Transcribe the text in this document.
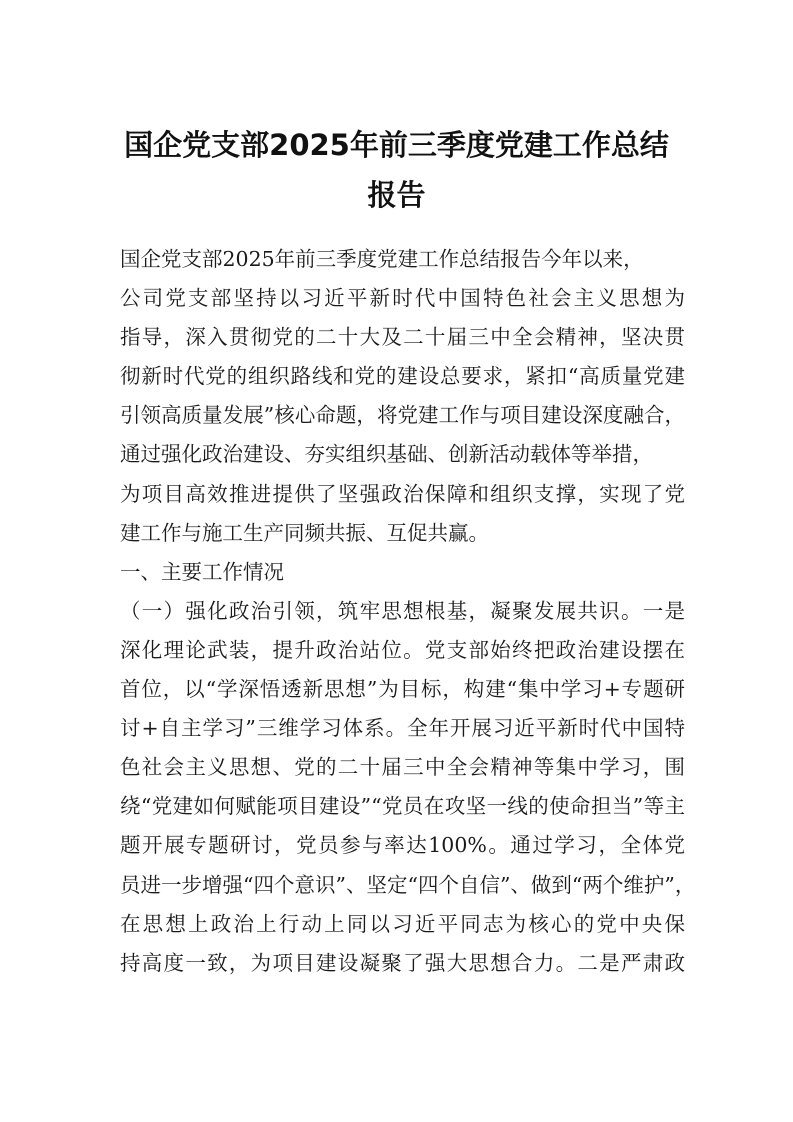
国企党支部2025年前三季度党建工作总结
报告
国企党支部2025年前三季度党建工作总结报告今年以来，
公司党支部坚持以习近平新时代中国特色社会主义思想为
指导，深入贯彻党的二十大及二十届三中全会精神，坚决贯
彻新时代党的组织路线和党的建设总要求，紧扣“高质量党建
引领高质量发展”核心命题，将党建工作与项目建设深度融合，
通过强化政治建设、夯实组织基础、创新活动载体等举措，
为项目高效推进提供了坚强政治保障和组织支撑，实现了党
建工作与施工生产同频共振、互促共赢。
一、主要工作情况
（一）强化政治引领，筑牢思想根基，凝聚发展共识。一是
深化理论武装，提升政治站位。党支部始终把政治建设摆在
首位，以“学深悟透新思想”为目标，构建“集中学习+专题研
讨+自主学习”三维学习体系。全年开展习近平新时代中国特
色社会主义思想、党的二十届三中全会精神等集中学习，围
绕“党建如何赋能项目建设”“党员在攻坚一线的使命担当”等主
题开展专题研讨，党员参与率达100%。通过学习，全体党
员进一步增强“四个意识”、坚定“四个自信”、做到“两个维护”，
在思想上政治上行动上同以习近平同志为核心的党中央保
持高度一致，为项目建设凝聚了强大思想合力。二是严肃政
